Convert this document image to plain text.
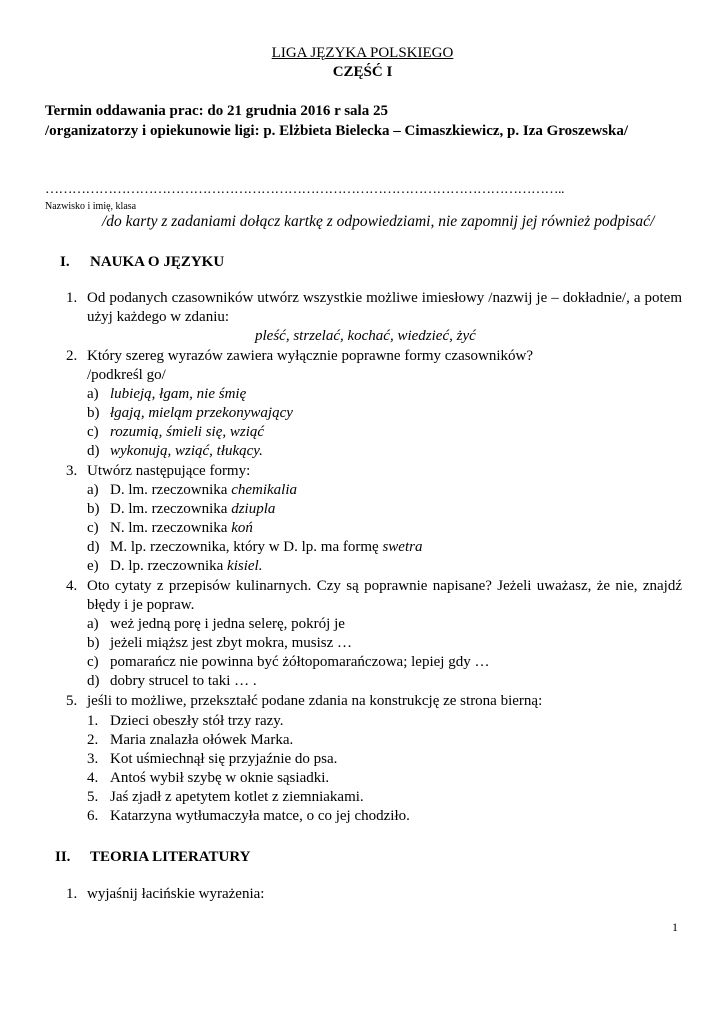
LIGA JĘZYKA POLSKIEGO
CZĘŚĆ I
Termin oddawania prac: do 21 grudnia 2016 r sala 25
/organizatorzy i opiekunowie ligi: p. Elżbieta Bielecka – Cimaszkiewicz, p. Iza Groszewska/
……………………………………………………………………………………………………..
Nazwisko i imię, klasa
/do karty z zadaniami dołącz kartkę z odpowiedziami, nie zapomnij jej również podpisać/
I. NAUKA O JĘZYKU
1. Od podanych czasowników utwórz wszystkie możliwe imiesłowy /nazwij je – dokładnie/, a potem
użyj każdego w zdaniu:
pleść, strzelać, kochać, wiedzieć, żyć
2. Który szereg wyrazów zawiera wyłącznie poprawne formy czasowników?
/podkreśl go/
a) lubieją, łgam, nie śmię
b) łgają, mieląm przekonywający
c) rozumią, śmieli się, wziąć
d) wykonują, wziąć, tłukący.
3. Utwórz następujące formy:
a) D. lm. rzeczownika chemikalia
b) D. lm. rzeczownika dziupla
c) N. lm. rzeczownika koń
d) M. lp. rzeczownika, który w D. lp. ma formę swetra
e) D. lp. rzeczownika kisiel.
4. Oto cytaty z przepisów kulinarnych. Czy są poprawnie napisane? Jeżeli uważasz, że nie, znajdź
błędy i je popraw.
a) weż jedną porę i jedna selerę, pokrój je
b) jeżeli miąższ jest zbyt mokra, musisz …
c) pomarańcz nie powinna być żółtopomarańczowa; lepiej gdy …
d) dobry strucel to taki … .
5. jeśli to możliwe, przekształć podane zdania na konstrukcję ze strona bierną:
1. Dzieci obeszły stół trzy razy.
2. Maria znalazła ołówek Marka.
3. Kot uśmiechnął się przyjaźnie do psa.
4. Antoś wybił szybę w oknie sąsiadki.
5. Jaś zjadł z apetytem kotlet z ziemniakami.
6. Katarzyna wytłumaczyła matce, o co jej chodziło.
II. TEORIA LITERATURY
1. wyjaśnij łacińskie wyrażenia:
1
